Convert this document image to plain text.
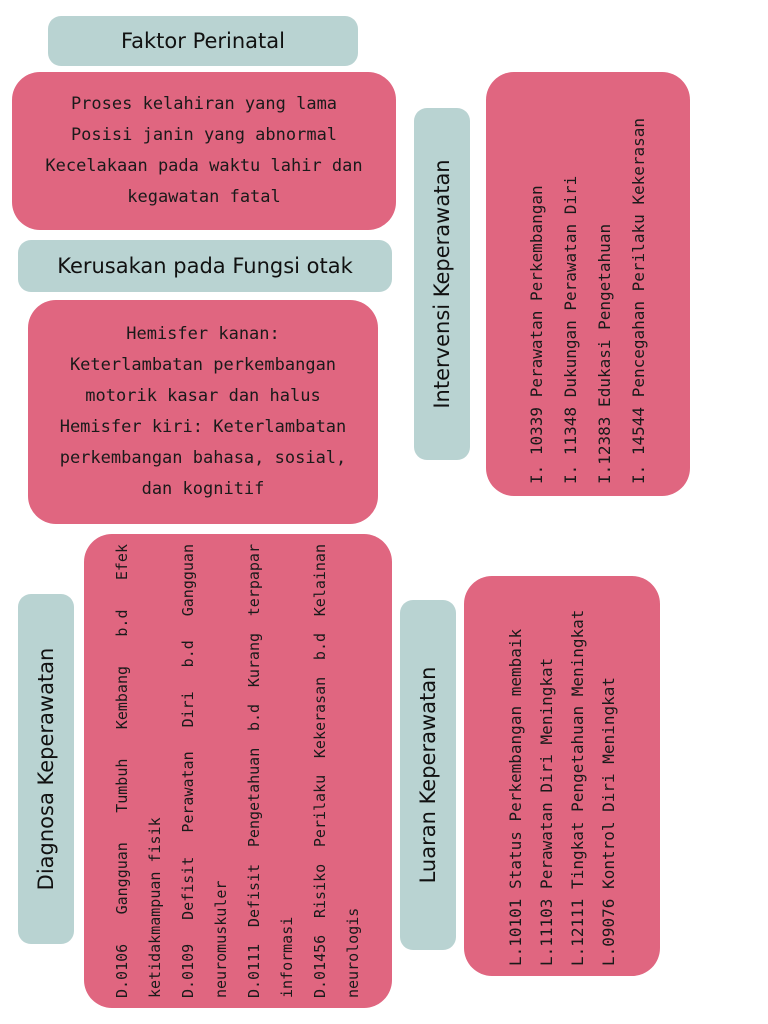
Faktor Perinatal
Proses kelahiran yang lama
Posisi janin yang abnormal
Kecelakaan pada waktu lahir dan
kegawatan fatal
Kerusakan pada Fungsi otak
Hemisfer kanan:
Keterlambatan perkembangan
motorik kasar dan halus
Hemisfer kiri: Keterlambatan
perkembangan bahasa, sosial,
dan kognitif
Intervensi Keperawatan	I. 10339 Perawatan Perkembangan I. 11348 Dukungan Perawatan Diri I.12383 Edukasi Pengetahuan I. 14544 Pencegahan Perilaku Kekerasan
Diagnosa Keperawatan	D.0106 Gangguan Tumbuh Kembang b.d Efek ketidakmampuan fisik	D.0109 Defisit Perawatan Diri b.d Gangguan neuromuskuler	D.0111 Defisit Pengetahuan b.d Kurang terpapar informasi	D.01456 Risiko Perilaku Kekerasan b.d Kelainan neurologis
Luaran Keperawatan	L.10101 Status Perkembangan membaik L.11103 Perawatan Diri Meningkat L.12111 Tingkat Pengetahuan Meningkat L.09076 Kontrol Diri Meningkat
